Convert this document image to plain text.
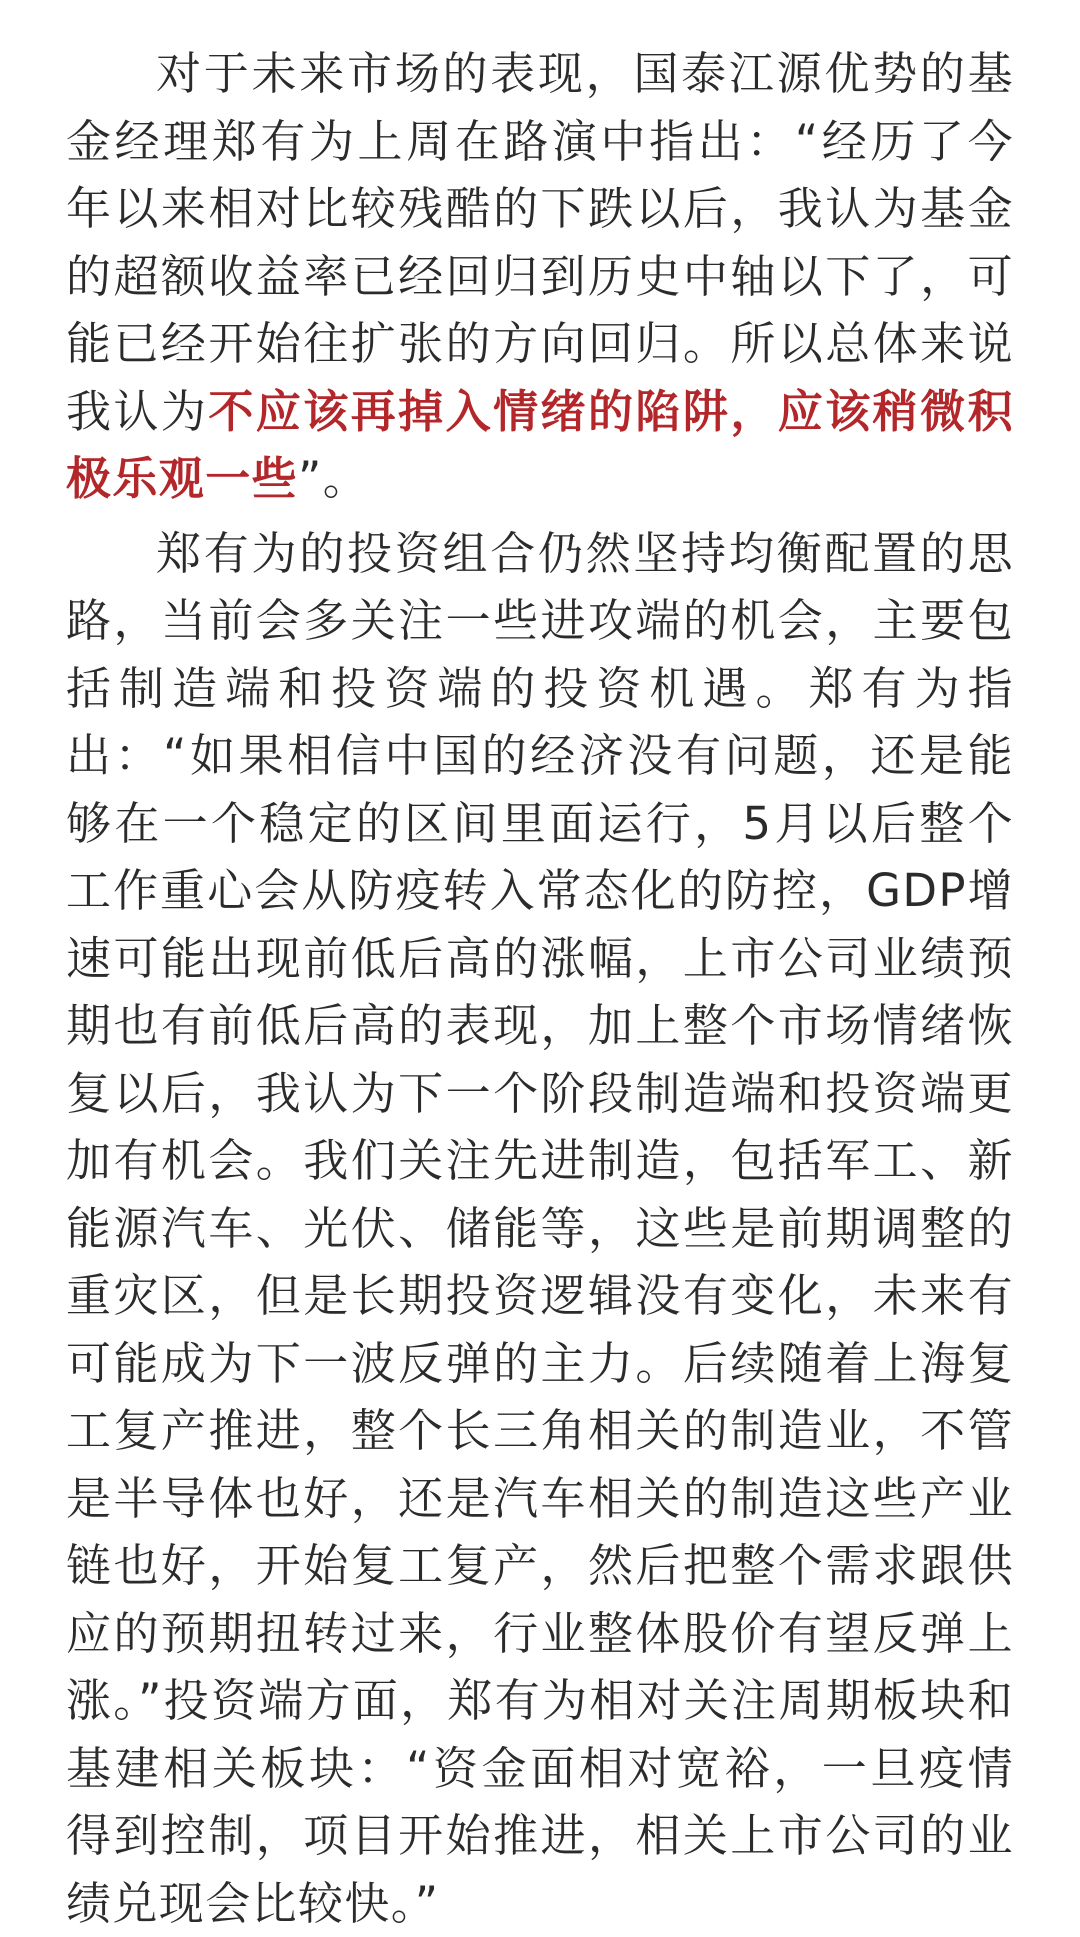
对于未来市场的表现，国泰江源优势的基金经理郑有为上周在路演中指出：“经历了今年以来相对比较残酷的下跌以后，我认为基金的超额收益率已经回归到历史中轴以下了，可能已经开始往扩张的方向回归。所以总体来说我认为不应该再掉入情绪的陷阱，应该稍微积极乐观一些”。

郑有为的投资组合仍然坚持均衡配置的思路，当前会多关注一些进攻端的机会，主要包括制造端和投资端的投资机遇。郑有为指出：“如果相信中国的经济没有问题，还是能够在一个稳定的区间里面运行，5月以后整个工作重心会从防疫转入常态化的防控，GDP增速可能出现前低后高的涨幅，上市公司业绩预期也有前低后高的表现，加上整个市场情绪恢复以后，我认为下一个阶段制造端和投资端更加有机会。我们关注先进制造，包括军工、新能源汽车、光伏、储能等，这些是前期调整的重灾区，但是长期投资逻辑没有变化，未来有可能成为下一波反弹的主力。后续随着上海复工复产推进，整个长三角相关的制造业，不管是半导体也好，还是汽车相关的制造这些产业链也好，开始复工复产，然后把整个需求跟供应的预期扭转过来，行业整体股价有望反弹上涨。”投资端方面，郑有为相对关注周期板块和基建相关板块：“资金面相对宽裕，一旦疫情得到控制，项目开始推进，相关上市公司的业绩兑现会比较快。”
